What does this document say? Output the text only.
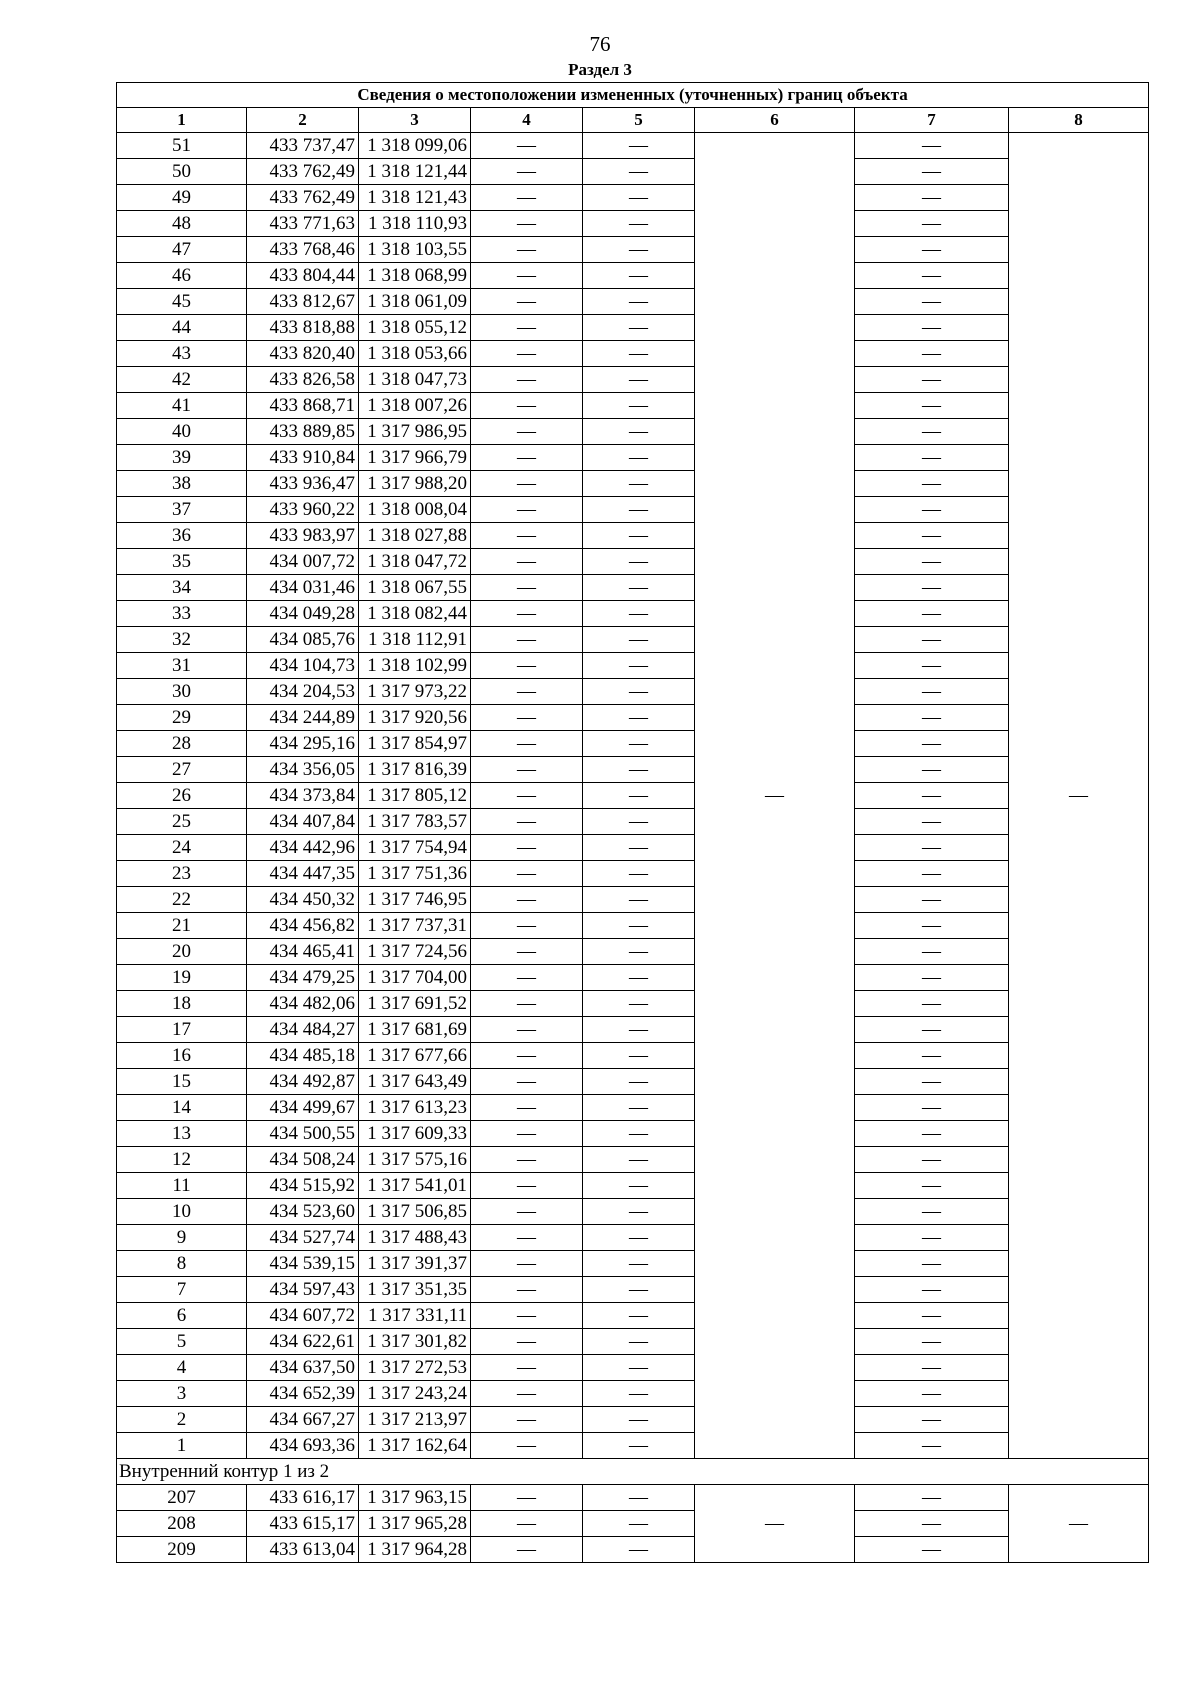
76
Раздел 3
Сведения о местоположении измененных (уточненных) границ объекта							
1	2	3	4	5	6	7	8
51	433 737,47	1 318 099,06	—	—	—	—	—
50	433 762,49	1 318 121,44	—	—		—	
49	433 762,49	1 318 121,43	—	—		—	
48	433 771,63	1 318 110,93	—	—		—	
47	433 768,46	1 318 103,55	—	—		—	
46	433 804,44	1 318 068,99	—	—		—	
45	433 812,67	1 318 061,09	—	—		—	
44	433 818,88	1 318 055,12	—	—		—	
43	433 820,40	1 318 053,66	—	—		—	
42	433 826,58	1 318 047,73	—	—		—	
41	433 868,71	1 318 007,26	—	—		—	
40	433 889,85	1 317 986,95	—	—		—	
39	433 910,84	1 317 966,79	—	—		—	
38	433 936,47	1 317 988,20	—	—		—	
37	433 960,22	1 318 008,04	—	—		—	
36	433 983,97	1 318 027,88	—	—		—	
35	434 007,72	1 318 047,72	—	—		—	
34	434 031,46	1 318 067,55	—	—		—	
33	434 049,28	1 318 082,44	—	—		—	
32	434 085,76	1 318 112,91	—	—		—	
31	434 104,73	1 318 102,99	—	—		—	
30	434 204,53	1 317 973,22	—	—		—	
29	434 244,89	1 317 920,56	—	—		—	
28	434 295,16	1 317 854,97	—	—		—	
27	434 356,05	1 317 816,39	—	—		—	
26	434 373,84	1 317 805,12	—	—		—	
25	434 407,84	1 317 783,57	—	—		—	
24	434 442,96	1 317 754,94	—	—		—	
23	434 447,35	1 317 751,36	—	—		—	
22	434 450,32	1 317 746,95	—	—		—	
21	434 456,82	1 317 737,31	—	—		—	
20	434 465,41	1 317 724,56	—	—		—	
19	434 479,25	1 317 704,00	—	—		—	
18	434 482,06	1 317 691,52	—	—		—	
17	434 484,27	1 317 681,69	—	—		—	
16	434 485,18	1 317 677,66	—	—		—	
15	434 492,87	1 317 643,49	—	—		—	
14	434 499,67	1 317 613,23	—	—		—	
13	434 500,55	1 317 609,33	—	—		—	
12	434 508,24	1 317 575,16	—	—		—	
11	434 515,92	1 317 541,01	—	—		—	
10	434 523,60	1 317 506,85	—	—		—	
9	434 527,74	1 317 488,43	—	—		—	
8	434 539,15	1 317 391,37	—	—		—	
7	434 597,43	1 317 351,35	—	—		—	
6	434 607,72	1 317 331,11	—	—		—	
5	434 622,61	1 317 301,82	—	—		—	
4	434 637,50	1 317 272,53	—	—		—	
3	434 652,39	1 317 243,24	—	—		—	
2	434 667,27	1 317 213,97	—	—		—	
1	434 693,36	1 317 162,64	—	—		—	
Внутренний контур 1 из 2							
207	433 616,17	1 317 963,15	—	—	—	—	—
208	433 615,17	1 317 965,28	—	—		—	
209	433 613,04	1 317 964,28	—	—		—	
